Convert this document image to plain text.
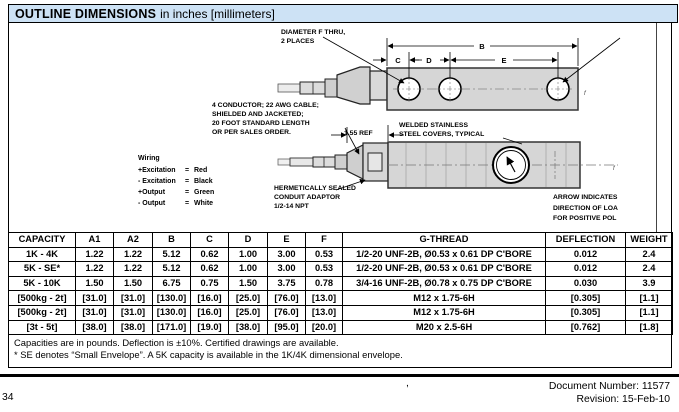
OUTLINE DIMENSIONS in inches [millimeters]
B
C	D	E
f
f
DIAMETER F THRU,
2 PLACES
4 CONDUCTOR; 22 AWG CABLE;
SHIELDED AND JACKETED;
20 FOOT STANDARD LENGTH
OR PER SALES ORDER.	1.55 REF
WELDED STAINLESS
STEEL COVERS, TYPICAL
HERMETICALLY SEALED
CONDUIT ADAPTOR
1/2-14 NPT
ARROW INDICATES
DIRECTION OF LOA
FOR POSITIVE POL
Wiring
+Excitation	= Red
- Excitation	= Black
+Output	= Green
- Output	= White
CAPACITY	A1	A2	B	C	D	E	F	G-THREAD	DEFLECTION	WEIGHT
1K - 4K	1.22	1.22	5.12	0.62	1.00	3.00	0.53	1/2-20 UNF-2B, Ø0.53 x 0.61 DP C'BORE	0.012	2.4
5K - SE*	1.22	1.22	5.12	0.62	1.00	3.00	0.53	1/2-20 UNF-2B, Ø0.53 x 0.61 DP C'BORE	0.012	2.4
5K - 10K	1.50	1.50	6.75	0.75	1.50	3.75	0.78	3/4-16 UNF-2B, Ø0.78 x 0.75 DP C'BORE	0.030	3.9
[500kg - 2t]	[31.0]	[31.0]	[130.0]	[16.0]	[25.0]	[76.0]	[13.0]	M12 x 1.75-6H	[0.305]	[1.1]
[500kg - 2t]	[31.0]	[31.0]	[130.0]	[16.0]	[25.0]	[76.0]	[13.0]	M12 x 1.75-6H	[0.305]	[1.1]
[3t - 5t]	[38.0]	[38.0]	[171.0]	[19.0]	[38.0]	[95.0]	[20.0]	M20 x 2.5-6H	[0.762]	[1.8]
Capacities are in pounds. Deflection is ±10%. Certified drawings are available.
* SE denotes “Small Envelope”. A 5K capacity is available in the 1K/4K dimensional envelope.
34
,	Document Number: 11577
Revision: 15-Feb-10
